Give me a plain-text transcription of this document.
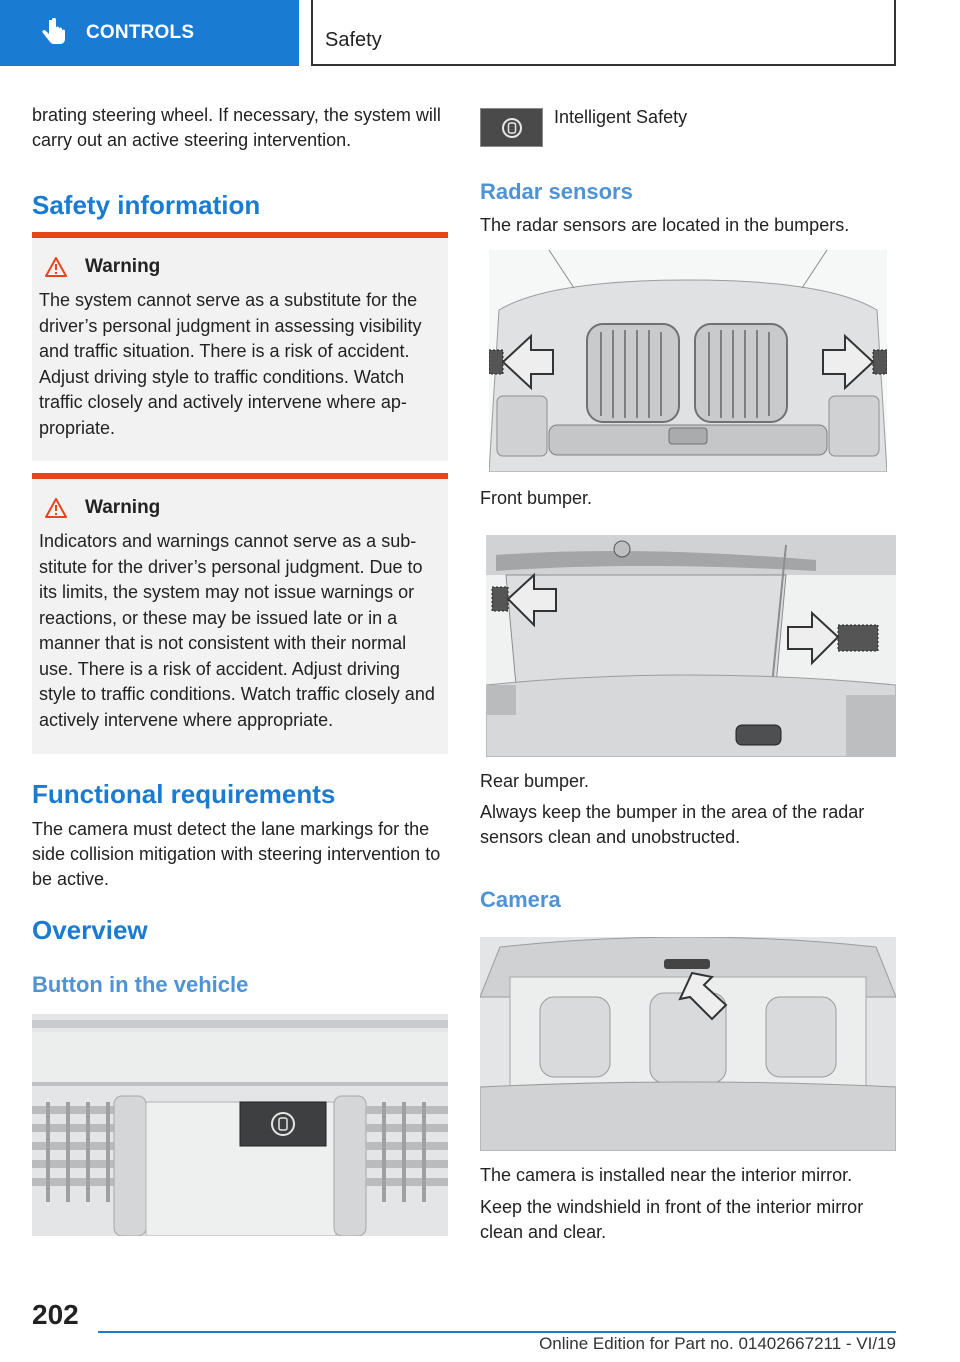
CONTROLS	Safety

brating steering wheel. If necessary, the system will carry out an active steering intervention.

Safety information
Warning
The system cannot serve as a substitute for the driver’s personal judgment in assessing visibility and traffic situation. There is a risk of accident. Adjust driving style to traffic conditions. Watch traffic closely and actively intervene where appropriate.
Warning
Indicators and warnings cannot serve as a substitute for the driver’s personal judgment. Due to its limits, the system may not issue warnings or reactions, or these may be issued late or in a manner that is not consistent with their normal use. There is a risk of accident. Adjust driving style to traffic conditions. Watch traffic closely and actively intervene where appropriate.
Functional requirements

The camera must detect the lane markings for the side collision mitigation with steering intervention to be active.

Overview
Button in the vehicle

Intelligent Safety

Radar sensors

The radar sensors are located in the bumpers.

Front bumper.

Rear bumper.

Always keep the bumper in the area of the radar sensors clean and unobstructed.

Camera

The camera is installed near the interior mirror.

Keep the windshield in front of the interior mirror clean and clear.

202
Online Edition for Part no. 01402667211 - VI/19
